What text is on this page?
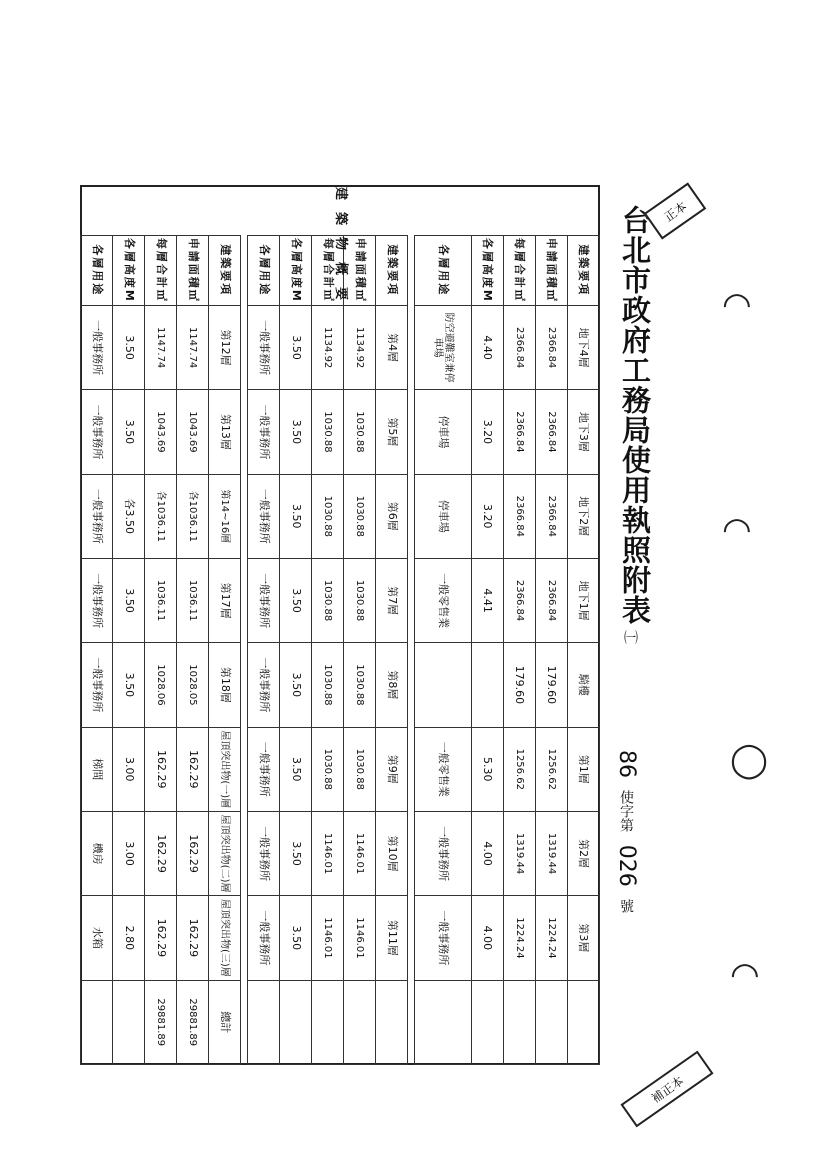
台北市政府工務局使用執照附表
㈠
86 使字第 026 號
正本
補正本
◠
◠
◯
◠
建築物概要	建築要項	地下4層	地下3層	地下2層	地下1層	騎樓	第1層	第2層	第3層	
	申請面積㎡	2366.84	2366.84	2366.84	2366.84	179.60	1256.62	1319.44	1224.24	
	每層合計㎡	2366.84	2366.84	2366.84	2366.84	179.60	1256.62	1319.44	1224.24	
	各層高度M	4.40	3.20	3.20	4.41		5.30	4.00	4.00	
	各層用途	防空避難室兼停車場	停車場	停車場	一般零售業		一般零售業	一般事務所	一般事務所	

	建築要項	第4層	第5層	第6層	第7層	第8層	第9層	第10層	第11層	
	申請面積㎡	1134.92	1030.88	1030.88	1030.88	1030.88	1030.88	1146.01	1146.01	
	每層合計㎡	1134.92	1030.88	1030.88	1030.88	1030.88	1030.88	1146.01	1146.01	
	各層高度M	3.50	3.50	3.50	3.50	3.50	3.50	3.50	3.50	
	各層用途	一般事務所	一般事務所	一般事務所	一般事務所	一般事務所	一般事務所	一般事務所	一般事務所	

	建築要項	第12層	第13層	第14~16層	第17層	第18層	屋頂突出物(一)層	屋頂突出物(二)層	屋頂突出物(三)層	總計
	申請面積㎡	1147.74	1043.69	各1036.11	1036.11	1028.05	162.29	162.29	162.29	29881.89
	每層合計㎡	1147.74	1043.69	各1036.11	1036.11	1028.06	162.29	162.29	162.29	29881.89
	各層高度M	3.50	3.50	各3.50	3.50	3.50	3.00	3.00	2.80	
	各層用途	一般事務所	一般事務所	一般事務所	一般事務所	一般事務所	梯間	機房	水箱	
